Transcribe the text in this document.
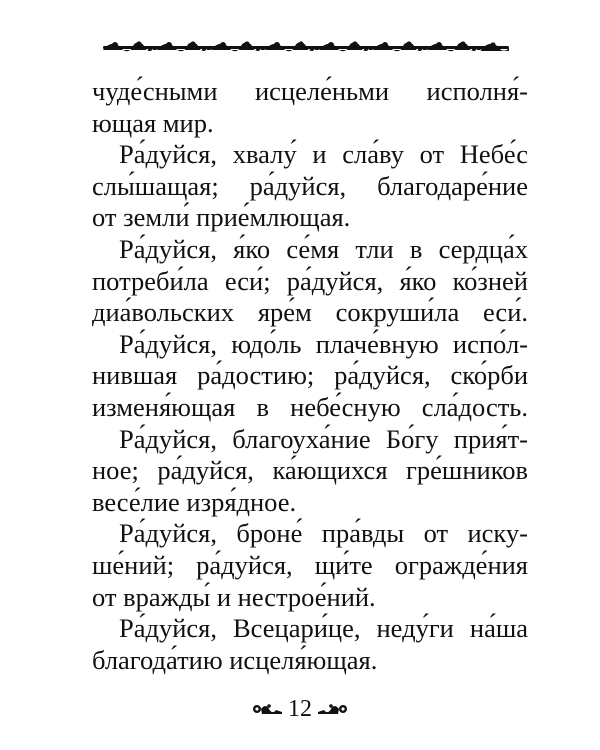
чуде́сными исцеле́ньми исполня́-
ющая мир.
Ра́дуйся, хвалу́ и сла́ву от Небе́с
слы́шащая; ра́дуйся, благодаре́ние
от земли́ прие́млющая.
Ра́дуйся, я́ко се́мя тли в сердца́х
потреби́ла еси́; ра́дуйся, я́ко ко́зней
диа́вольских яре́м сокруши́ла еси́.
Ра́дуйся, юдо́ль плаче́вную испо́л-
нившая ра́достию; ра́дуйся, ско́рби
изменя́ющая в небе́сную сла́дость.
Ра́дуйся, благоуха́ние Бо́гу прия́т-
ное; ра́дуйся, ка́ющихся гре́шников
весе́лие изря́дное.
Ра́дуйся, броне́ пра́вды от иску-
ше́ний; ра́дуйся, щи́те огражде́ния
от вражды́ и нестрое́ний.
Ра́дуйся, Всецари́це, неду́ги на́ша
благода́тию исцеля́ющая.
12
